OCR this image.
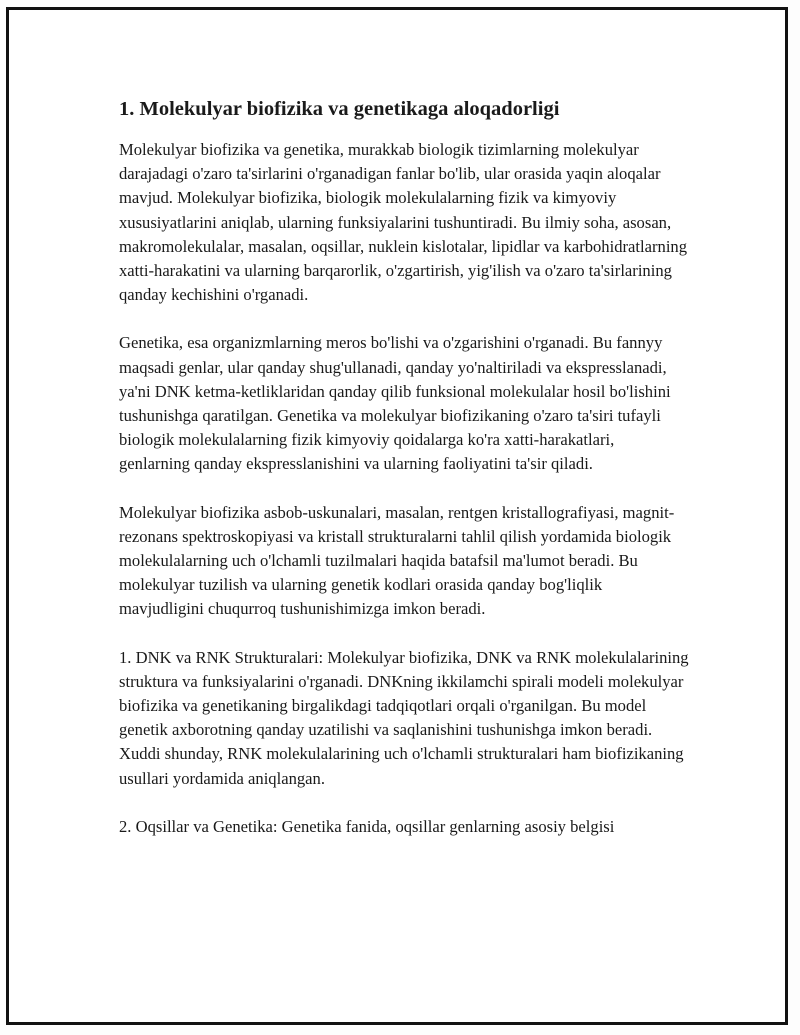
1. Molekulyar biofizika va genetikaga aloqadorligi

Molekulyar biofizika va genetika, murakkab biologik tizimlarning molekulyar darajadagi o'zaro ta'sirlarini o'rganadigan fanlar bo'lib, ular orasida yaqin aloqalar mavjud. Molekulyar biofizika, biologik molekulalarning fizik va kimyoviy xususiyatlarini aniqlab, ularning funksiyalarini tushuntiradi. Bu ilmiy soha, asosan, makromolekulalar, masalan, oqsillar, nuklein kislotalar, lipidlar va karbohidratlarning xatti-harakatini va ularning barqarorlik, o'zgartirish, yig'ilish va o'zaro ta'sirlarining qanday kechishini o'rganadi.

Genetika, esa organizmlarning meros bo'lishi va o'zgarishini o'rganadi. Bu fannyy maqsadi genlar, ular qanday shug'ullanadi, qanday yo'naltiriladi va ekspresslanadi, ya'ni DNK ketma-ketliklaridan qanday qilib funksional molekulalar hosil bo'lishini tushunishga qaratilgan. Genetika va molekulyar biofizikaning o'zaro ta'siri tufayli biologik molekulalarning fizik kimyoviy qoidalarga ko'ra xatti-harakatlari, genlarning qanday ekspresslanishini va ularning faoliyatini ta'sir qiladi.

Molekulyar biofizika asbob-uskunalari, masalan, rentgen kristallografiyasi, magnit-rezonans spektroskopiyasi va kristall strukturalarni tahlil qilish yordamida biologik molekulalarning uch o'lchamli tuzilmalari haqida batafsil ma'lumot beradi. Bu molekulyar tuzilish va ularning genetik kodlari orasida qanday bog'liqlik mavjudligini chuqurroq tushunishimizga imkon beradi.

1. DNK va RNK Strukturalari: Molekulyar biofizika, DNK va RNK molekulalarining struktura va funksiyalarini o'rganadi. DNKning ikkilamchi spirali modeli molekulyar biofizika va genetikaning birgalikdagi tadqiqotlari orqali o'rganilgan. Bu model genetik axborotning qanday uzatilishi va saqlanishini tushunishga imkon beradi. Xuddi shunday, RNK molekulalarining uch o'lchamli strukturalari ham biofizikaning usullari yordamida aniqlangan.

2. Oqsillar va Genetika: Genetika fanida, oqsillar genlarning asosiy belgisi
